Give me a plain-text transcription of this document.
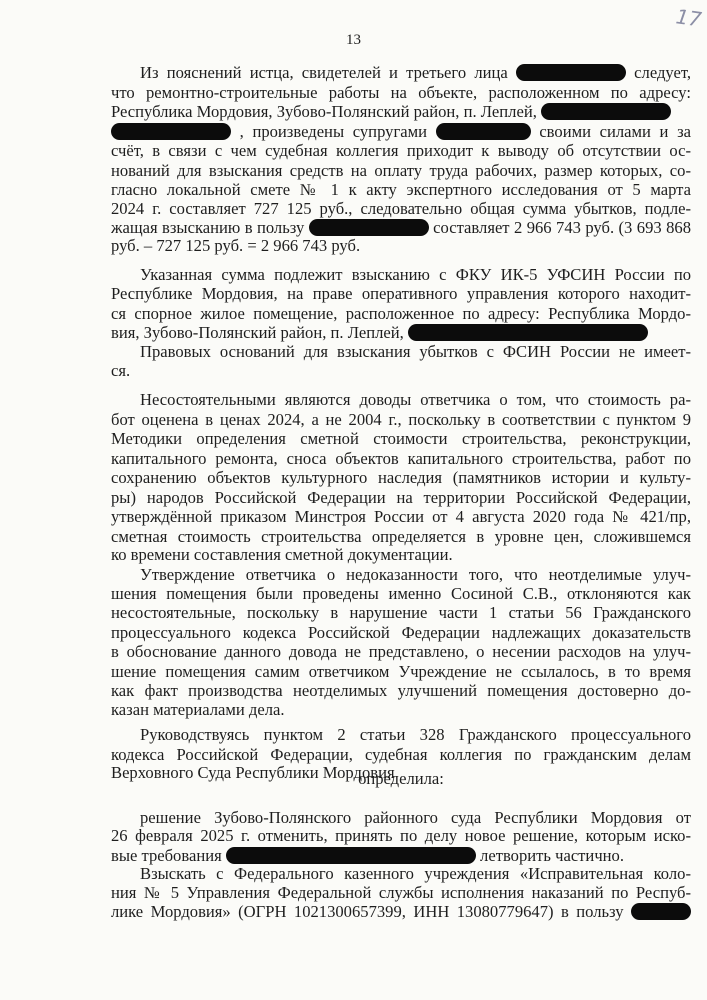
13
17
Из пояснений истца, свидетелей и третьего лица	следует,
что ремонтно-строительные работы на объекте, расположенном по адресу:
Республика Мордовия, Зубово-Полянский район, п. Леплей,
, произведены супругами	своими силами и за
счёт, в связи с чем судебная коллегия приходит к выводу об отсутствии ос-
нований для взыскания средств на оплату труда рабочих, размер которых, со-
гласно локальной смете № 1 к акту экспертного исследования от 5 марта
2024 г. составляет 727 125 руб., следовательно общая сумма убытков, подле-
жащая взысканию в пользу	составляет 2 966 743 руб. (3 693 868
руб. – 727 125 руб. = 2 966 743 руб.
Указанная сумма подлежит взысканию с ФКУ ИК-5 УФСИН России по
Республике Мордовия, на праве оперативного управления которого находит-
ся спорное жилое помещение, расположенное по адресу: Республика Мордо-
вия, Зубово-Полянский район, п. Леплей,
Правовых оснований для взыскания убытков с ФСИН России не имеет-
ся.
Несостоятельными являются доводы ответчика о том, что стоимость ра-
бот оценена в ценах 2024, а не 2004 г., поскольку в соответствии с пунктом 9
Методики определения сметной стоимости строительства, реконструкции,
капитального ремонта, сноса объектов капитального строительства, работ по
сохранению объектов культурного наследия (памятников истории и культу-
ры) народов Российской Федерации на территории Российской Федерации,
утверждённой приказом Минстроя России от 4 августа 2020 года № 421/пр,
сметная стоимость строительства определяется в уровне цен, сложившемся
ко времени составления сметной документации.
Утверждение ответчика о недоказанности того, что неотделимые улуч-
шения помещения были проведены именно Сосиной С.В., отклоняются как
несостоятельные, поскольку в нарушение части 1 статьи 56 Гражданского
процессуального кодекса Российской Федерации надлежащих доказательств
в обоснование данного довода не представлено, о несении расходов на улуч-
шение помещения самим ответчиком Учреждение не ссылалось, в то время
как факт производства неотделимых улучшений помещения достоверно до-
казан материалами дела.
Руководствуясь пунктом 2 статьи 328 Гражданского процессуального
кодекса Российской Федерации, судебная коллегия по гражданским делам
Верховного Суда Республики Мордовия
определила:
решение Зубово-Полянского районного суда Республики Мордовия от
26 февраля 2025 г. отменить, принять по делу новое решение, которым иско-
вые требования	летворить частично.
Взыскать с Федерального казенного учреждения «Исправительная коло-
ния № 5 Управления Федеральной службы исполнения наказаний по Респуб-
лике Мордовия» (ОГРН 1021300657399, ИНН 13080779647) в пользу
